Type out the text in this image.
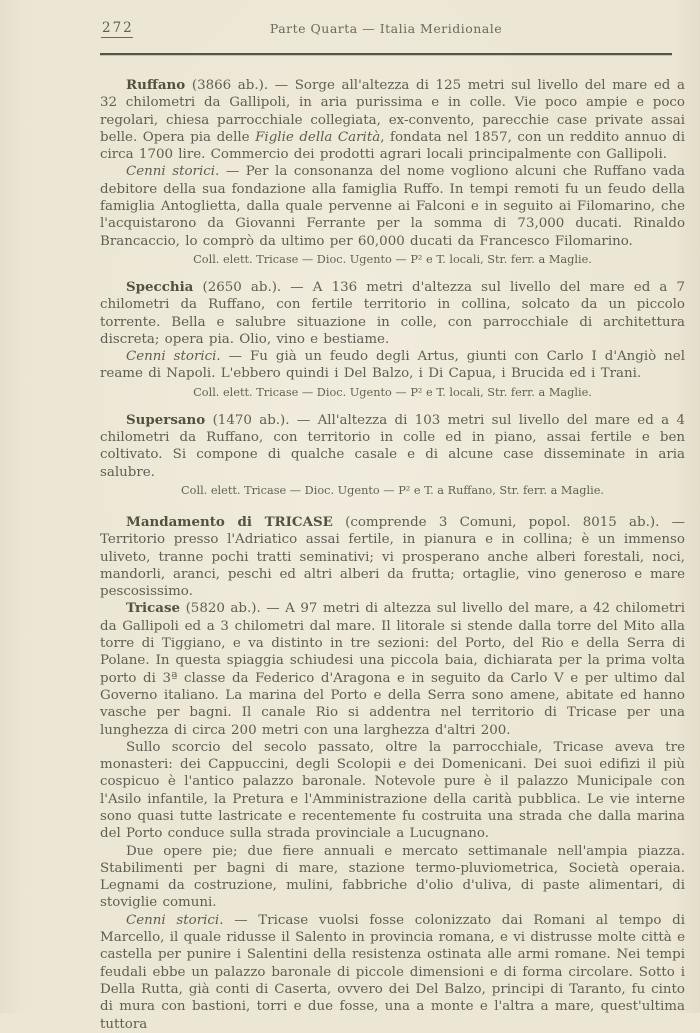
272	Parte Quarta — Italia Meridionale

Ruffano (3866 ab.). — Sorge all'altezza di 125 metri sul livello del mare ed a 32 chilometri da Gallipoli, in aria purissima e in colle. Vie poco ampie e poco regolari, chiesa parrocchiale collegiata, ex-convento, parecchie case private assai belle. Opera pia delle Figlie della Carità, fondata nel 1857, con un reddito annuo di circa 1700 lire. Commercio dei prodotti agrari locali principalmente con Gallipoli.

Cenni storici. — Per la consonanza del nome vogliono alcuni che Ruffano vada debitore della sua fondazione alla famiglia Ruffo. In tempi remoti fu un feudo della famiglia Antoglietta, dalla quale pervenne ai Falconi e in seguito ai Filomarino, che l'acquistarono da Giovanni Ferrante per la somma di 73,000 ducati. Rinaldo Brancaccio, lo comprò da ultimo per 60,000 ducati da Francesco Filomarino.

Coll. elett. Tricase — Dioc. Ugento — P² e T. locali, Str. ferr. a Maglie.

Specchia (2650 ab.). — A 136 metri d'altezza sul livello del mare ed a 7 chilometri da Ruffano, con fertile territorio in collina, solcato da un piccolo torrente. Bella e salubre situazione in colle, con parrocchiale di architettura discreta; opera pia. Olio, vino e bestiame.

Cenni storici. — Fu già un feudo degli Artus, giunti con Carlo I d'Angiò nel reame di Napoli. L'ebbero quindi i Del Balzo, i Di Capua, i Brucida ed i Trani.

Coll. elett. Tricase — Dioc. Ugento — P² e T. locali, Str. ferr. a Maglie.

Supersano (1470 ab.). — All'altezza di 103 metri sul livello del mare ed a 4 chilometri da Ruffano, con territorio in colle ed in piano, assai fertile e ben coltivato. Si compone di qualche casale e di alcune case disseminate in aria salubre.

Coll. elett. Tricase — Dioc. Ugento — P² e T. a Ruffano, Str. ferr. a Maglie.

Mandamento di TRICASE (comprende 3 Comuni, popol. 8015 ab.). — Territorio presso l'Adriatico assai fertile, in pianura e in collina; è un immenso uliveto, tranne pochi tratti seminativi; vi prosperano anche alberi forestali, noci, mandorli, aranci, peschi ed altri alberi da frutta; ortaglie, vino generoso e mare pescosissimo.

Tricase (5820 ab.). — A 97 metri di altezza sul livello del mare, a 42 chilometri da Gallipoli ed a 3 chilometri dal mare. Il litorale si stende dalla torre del Mito alla torre di Tiggiano, e va distinto in tre sezioni: del Porto, del Rio e della Serra di Polane. In questa spiaggia schiudesi una piccola baia, dichiarata per la prima volta porto di 3ª classe da Federico d'Aragona e in seguito da Carlo V e per ultimo dal Governo italiano. La marina del Porto e della Serra sono amene, abitate ed hanno vasche per bagni. Il canale Rio si addentra nel territorio di Tricase per una lunghezza di circa 200 metri con una larghezza d'altri 200.

Sullo scorcio del secolo passato, oltre la parrocchiale, Tricase aveva tre monasteri: dei Cappuccini, degli Scolopii e dei Domenicani. Dei suoi edifizi il più cospicuo è l'antico palazzo baronale. Notevole pure è il palazzo Municipale con l'Asilo infantile, la Pretura e l'Amministrazione della carità pubblica. Le vie interne sono quasi tutte lastricate e recentemente fu costruita una strada che dalla marina del Porto conduce sulla strada provinciale a Lucugnano.

Due opere pie; due fiere annuali e mercato settimanale nell'ampia piazza. Stabilimenti per bagni di mare, stazione termo-pluviometrica, Società operaia. Legnami da costruzione, mulini, fabbriche d'olio d'uliva, di paste alimentari, di stoviglie comuni.

Cenni storici. — Tricase vuolsi fosse colonizzato dai Romani al tempo di Marcello, il quale ridusse il Salento in provincia romana, e vi distrusse molte città e castella per punire i Salentini della resistenza ostinata alle armi romane. Nei tempi feudali ebbe un palazzo baronale di piccole dimensioni e di forma circolare. Sotto i Della Rutta, già conti di Caserta, ovvero dei Del Balzo, principi di Taranto, fu cinto di mura con bastioni, torri e due fosse, una a monte e l'altra a mare, quest'ultima tuttora
